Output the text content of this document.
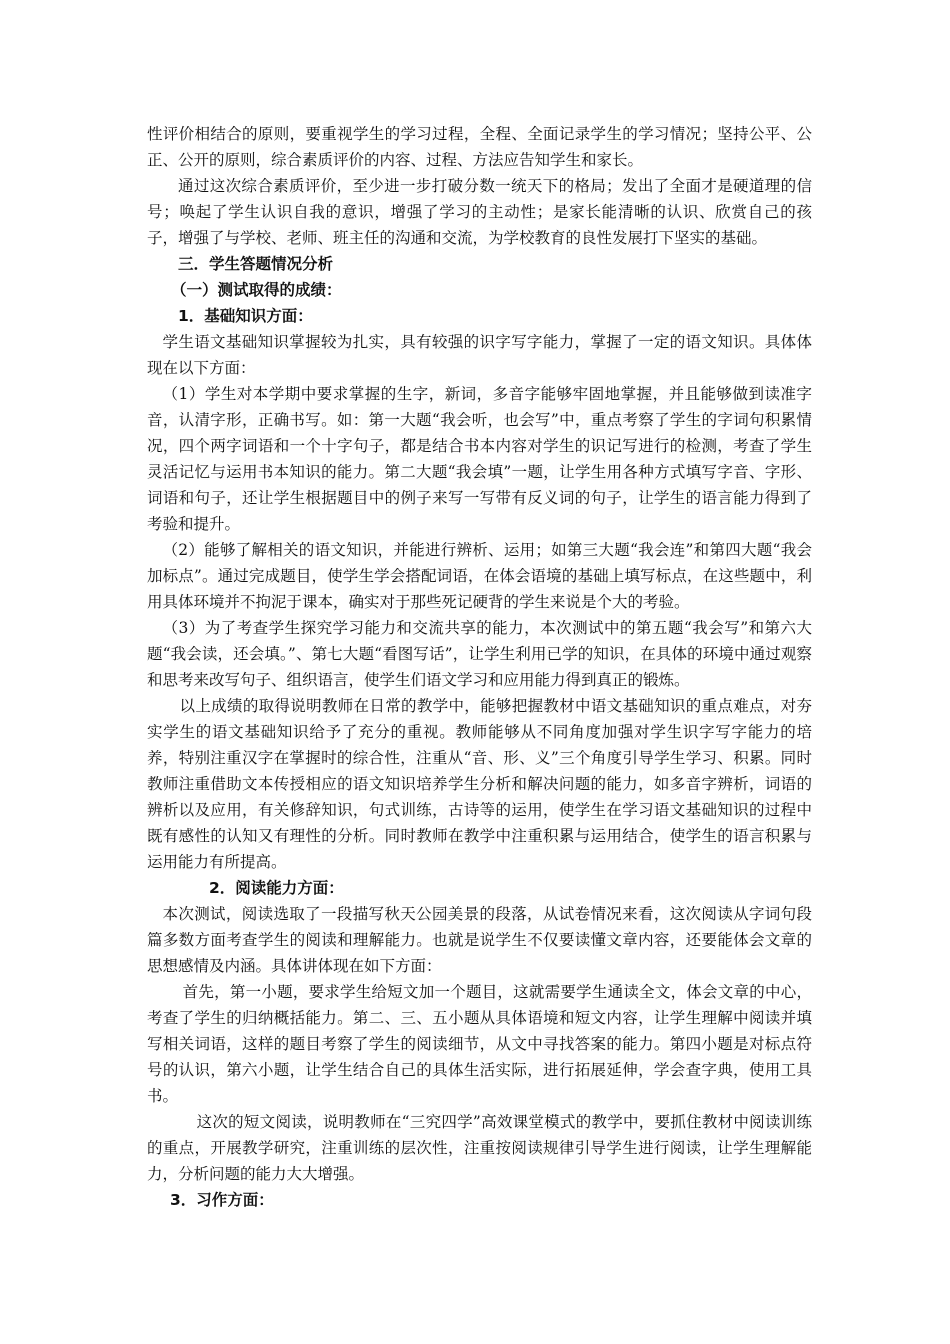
性评价相结合的原则，要重视学生的学习过程，全程、全面记录学生的学习情况；坚持公平、公正、公开的原则，综合素质评价的内容、过程、方法应告知学生和家长。

通过这次综合素质评价，至少进一步打破分数一统天下的格局；发出了全面才是硬道理的信号；唤起了学生认识自我的意识，增强了学习的主动性；是家长能清晰的认识、欣赏自己的孩子，增强了与学校、老师、班主任的沟通和交流，为学校教育的良性发展打下坚实的基础。

三．学生答题情况分析

（一）测试取得的成绩：

1．基础知识方面：

学生语文基础知识掌握较为扎实，具有较强的识字写字能力，掌握了一定的语文知识。具体体现在以下方面：

（1）学生对本学期中要求掌握的生字，新词，多音字能够牢固地掌握，并且能够做到读准字音，认清字形，正确书写。如：第一大题“我会听，也会写”中，重点考察了学生的字词句积累情况，四个两字词语和一个十字句子，都是结合书本内容对学生的识记写进行的检测，考查了学生灵活记忆与运用书本知识的能力。第二大题“我会填”一题，让学生用各种方式填写字音、字形、词语和句子，还让学生根据题目中的例子来写一写带有反义词的句子，让学生的语言能力得到了考验和提升。

（2）能够了解相关的语文知识，并能进行辨析、运用；如第三大题“我会连”和第四大题“我会加标点”。通过完成题目，使学生学会搭配词语，在体会语境的基础上填写标点，在这些题中，利用具体环境并不拘泥于课本，确实对于那些死记硬背的学生来说是个大的考验。

（3）为了考查学生探究学习能力和交流共享的能力，本次测试中的第五题“我会写”和第六大题“我会读，还会填。”、第七大题“看图写话”，让学生利用已学的知识，在具体的环境中通过观察和思考来改写句子、组织语言，使学生们语文学习和应用能力得到真正的锻炼。

以上成绩的取得说明教师在日常的教学中，能够把握教材中语文基础知识的重点难点，对夯实学生的语文基础知识给予了充分的重视。教师能够从不同角度加强对学生识字写字能力的培养，特别注重汉字在掌握时的综合性，注重从“音、形、义”三个角度引导学生学习、积累。同时教师注重借助文本传授相应的语文知识培养学生分析和解决问题的能力，如多音字辨析，词语的辨析以及应用，有关修辞知识，句式训练，古诗等的运用，使学生在学习语文基础知识的过程中既有感性的认知又有理性的分析。同时教师在教学中注重积累与运用结合，使学生的语言积累与运用能力有所提高。

2．阅读能力方面：

本次测试，阅读选取了一段描写秋天公园美景的段落，从试卷情况来看，这次阅读从字词句段篇多数方面考查学生的阅读和理解能力。也就是说学生不仅要读懂文章内容，还要能体会文章的思想感情及内涵。具体讲体现在如下方面：

首先，第一小题，要求学生给短文加一个题目，这就需要学生通读全文，体会文章的中心，考查了学生的归纳概括能力。第二、三、五小题从具体语境和短文内容，让学生理解中阅读并填写相关词语，这样的题目考察了学生的阅读细节，从文中寻找答案的能力。第四小题是对标点符号的认识，第六小题，让学生结合自己的具体生活实际，进行拓展延伸，学会查字典，使用工具书。

这次的短文阅读，说明教师在“三究四学”高效课堂模式的教学中，要抓住教材中阅读训练的重点，开展教学研究，注重训练的层次性，注重按阅读规律引导学生进行阅读，让学生理解能力，分析问题的能力大大增强。

3．习作方面：
